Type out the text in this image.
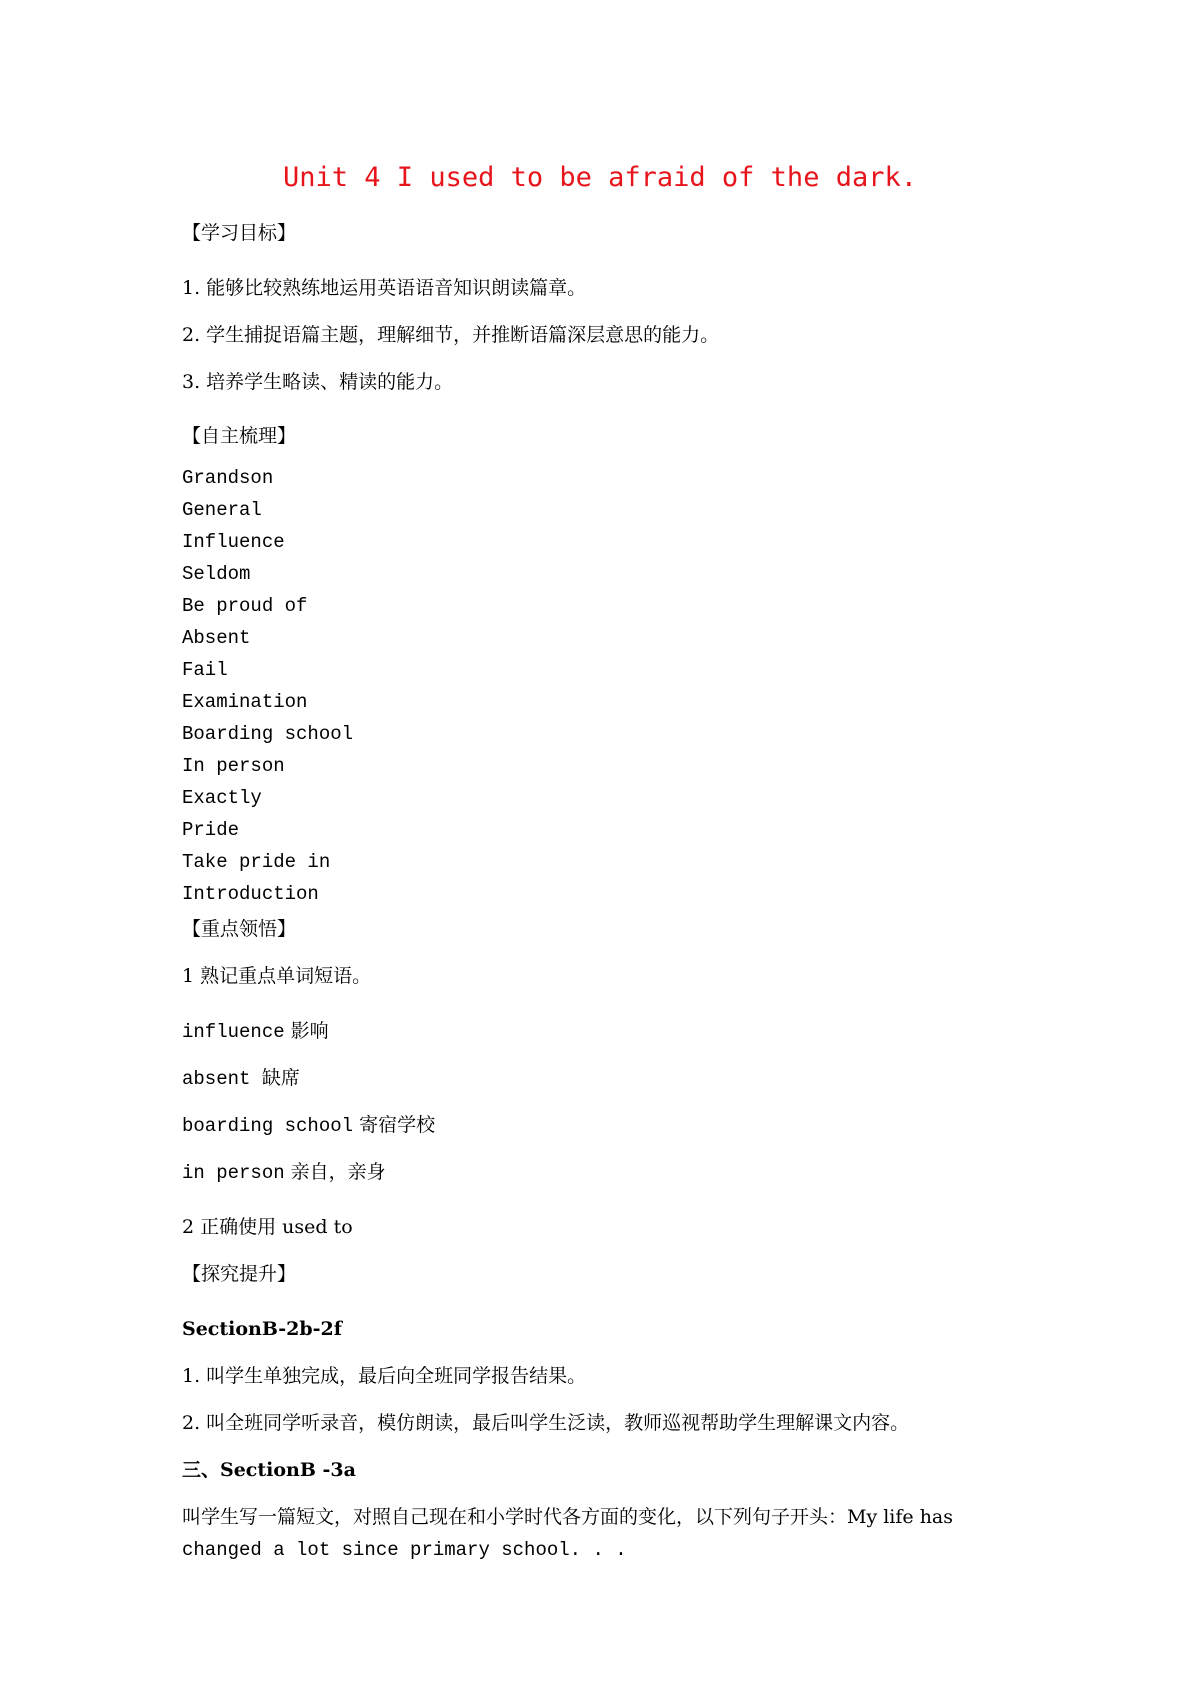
Unit 4 I used to be afraid of the dark.
【学习目标】
1. 能够比较熟练地运用英语语音知识朗读篇章。
2. 学生捕捉语篇主题，理解细节，并推断语篇深层意思的能力。
3. 培养学生略读、精读的能力。
【自主梳理】
Grandson
General
Influence
Seldom
Be proud of
Absent
Fail
Examination
Boarding school
In person
Exactly
Pride
Take pride in
Introduction
【重点领悟】
1 熟记重点单词短语。
influence 影响
absent 缺席
boarding school 寄宿学校
in person 亲自，亲身
2 正确使用 used to
【探究提升】
SectionB-2b-2f
1. 叫学生单独完成，最后向全班同学报告结果。
2. 叫全班同学听录音，模仿朗读，最后叫学生泛读，教师巡视帮助学生理解课文内容。
三、SectionB -3a
叫学生写一篇短文，对照自己现在和小学时代各方面的变化，以下列句子开头：My life has
changed a lot since primary school. . .
